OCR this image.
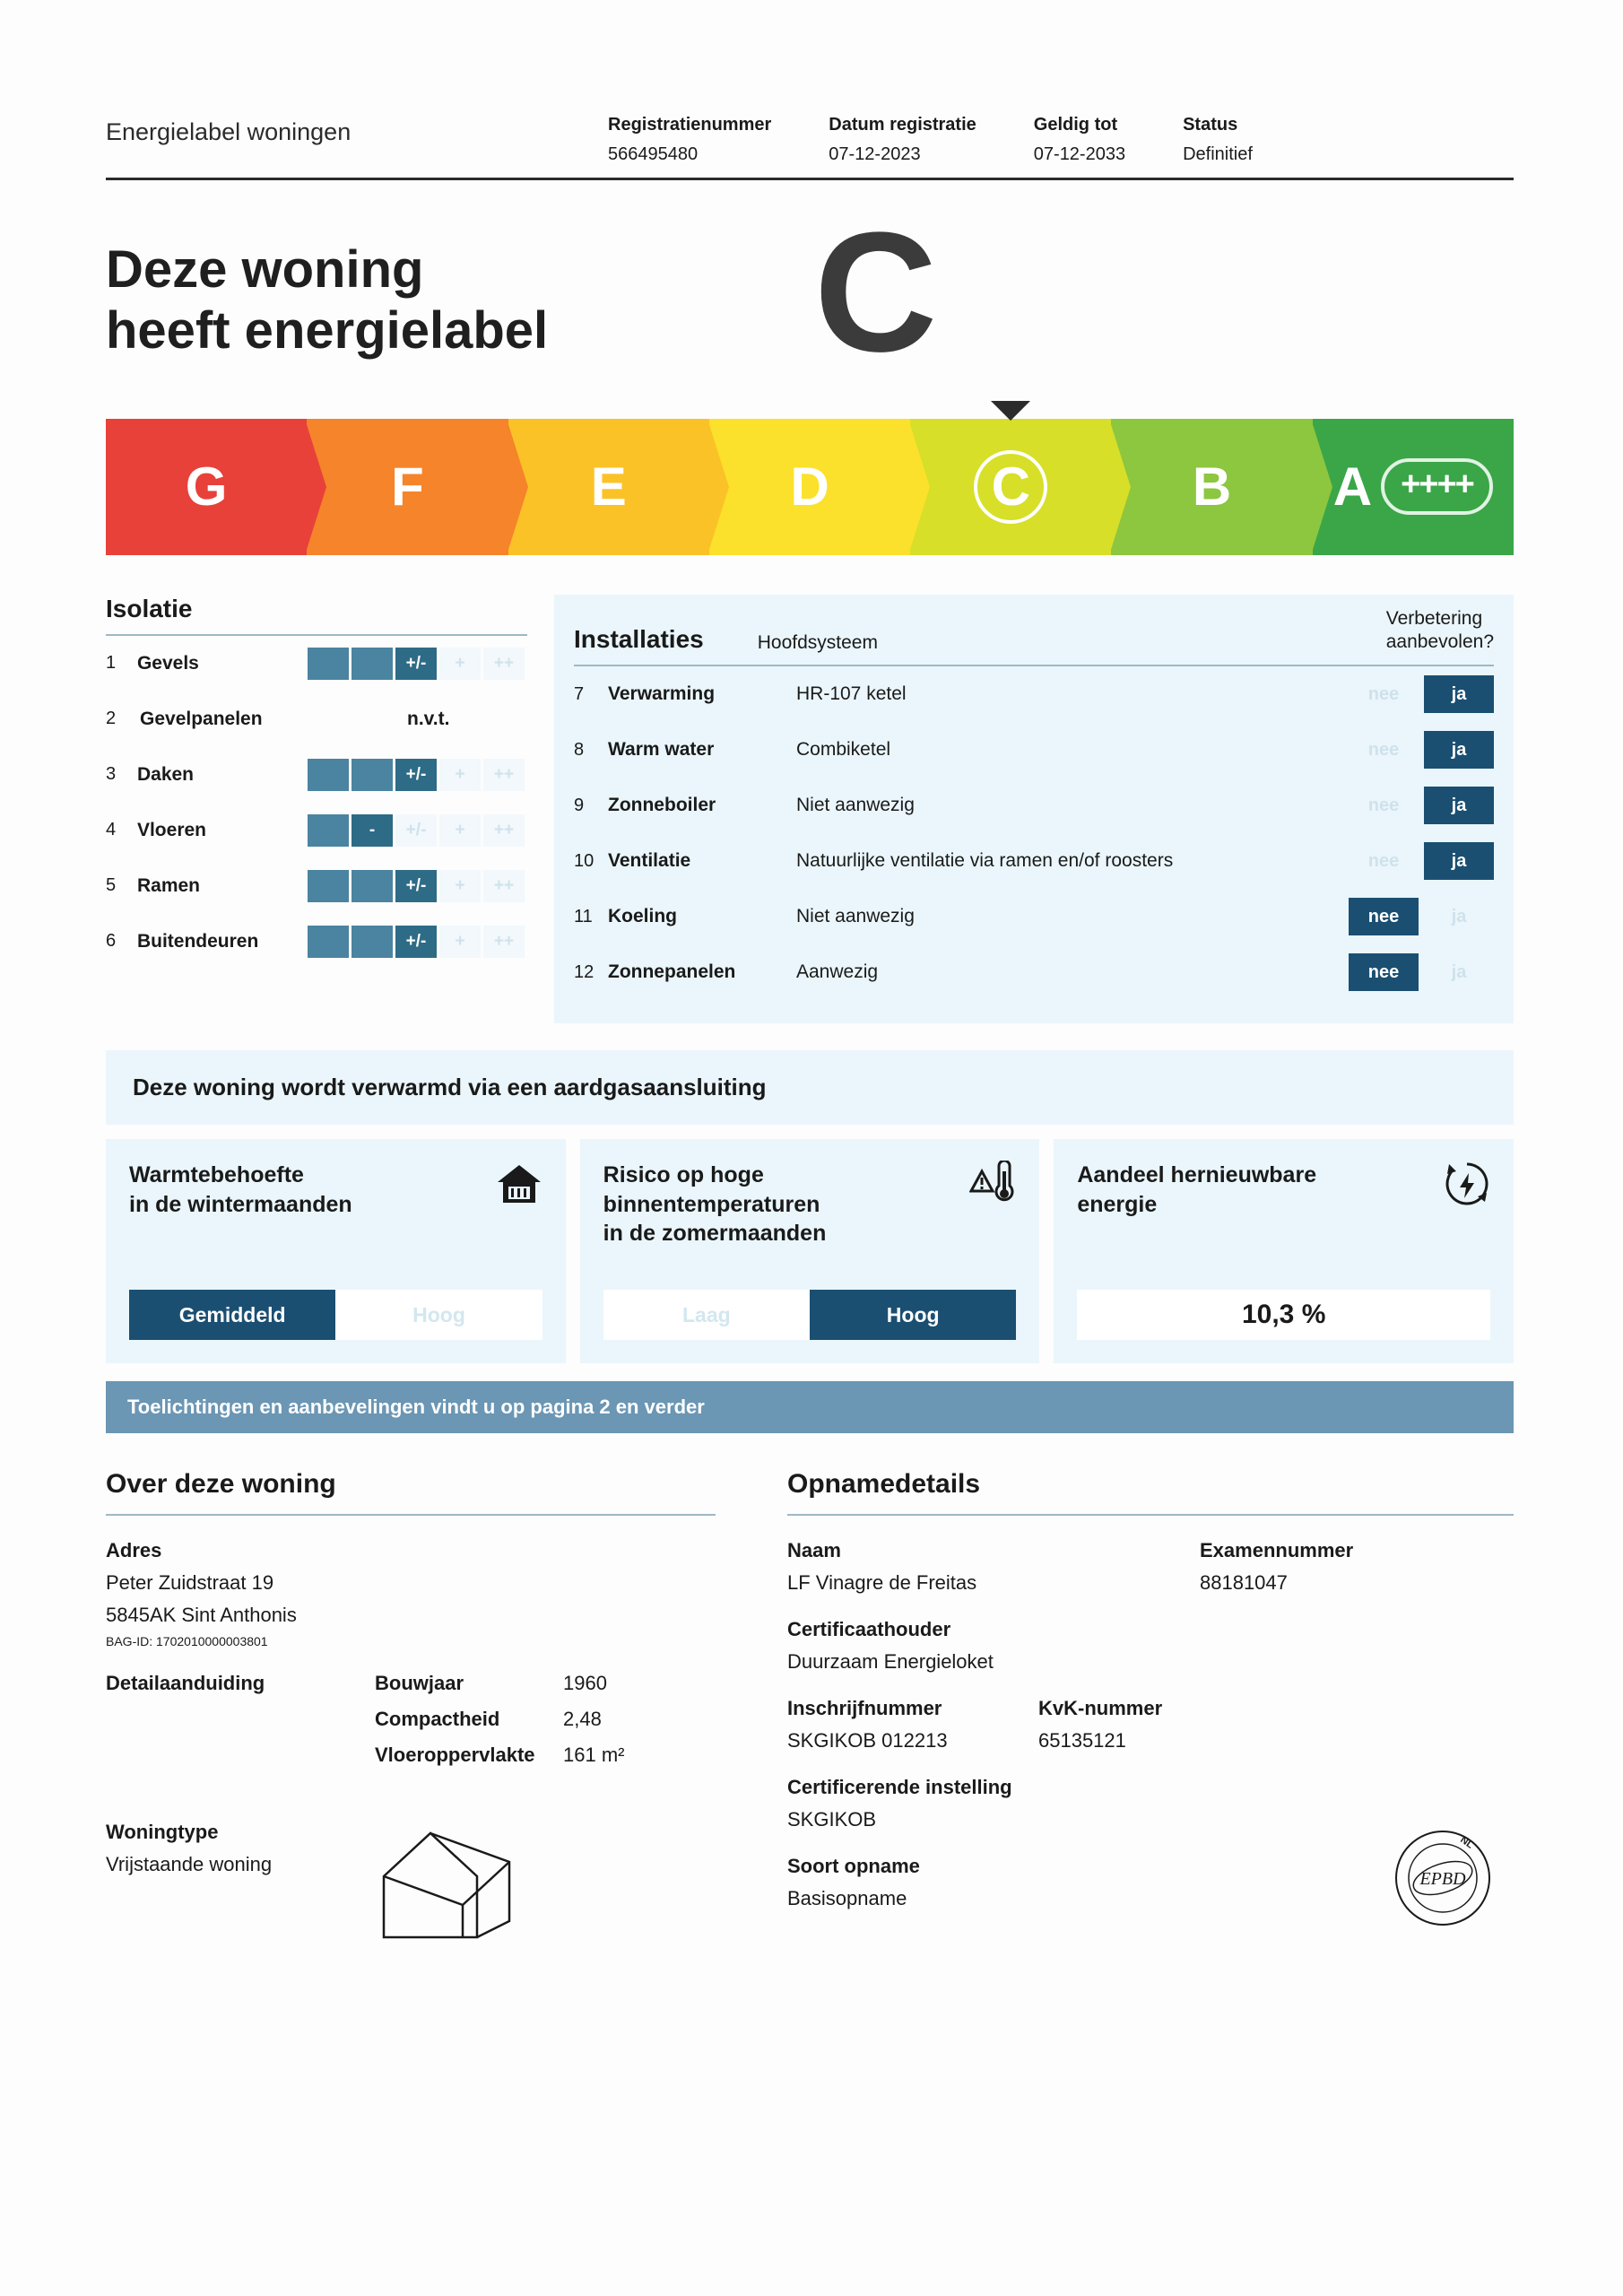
Energielabel woningen	Registratienummer
566495480
Datum registratie
07-12-2023
Geldig tot
07-12-2033
Status
Definitief
Deze woning
heeft energielabel	C
G	F	E	D	C	B A ++++
Isolatie
1	Gevels	+/-	+	++
2	Gevelpanelen	n.v.t.
3	Daken	+/-	+	++
4	Vloeren	-	+/-	+	++
5	Ramen	+/-	+	++
6	Buitendeuren	+/-	+	++
Installaties	Hoofdsysteem
Verbetering
aanbevolen?
7	Verwarming	HR-107 ketel	nee	ja
8	Warm water	Combiketel	nee	ja
9	Zonneboiler	Niet aanwezig	nee	ja
10 Ventilatie	Natuurlijke ventilatie via ramen en/of roosters	nee	ja
11 Koeling	Niet aanwezig	nee	ja
12 Zonnepanelen	Aanwezig	nee	ja
Deze woning wordt verwarmd via een aardgasaansluiting
Warmtebehoefte
in de wintermaanden
Gemiddeld	Hoog
Risico op hoge
binnentemperaturen
in de zomermaanden
Laag	Hoog
Aandeel hernieuwbare
energie
10,3 %
Toelichtingen en aanbevelingen vindt u op pagina 2 en verder
Over deze woning
Adres
Peter Zuidstraat 19
5845AK Sint Anthonis
BAG-ID: 1702010000003801
Detailaanduiding	Bouwjaar	1960
Compactheid	2,48
Vloeroppervlakte	161 m²
Woningtype
Vrijstaande woning
Opnamedetails
Naam
LF Vinagre de Freitas
Examennummer
88181047
Certificaathouder
Duurzaam Energieloket
Inschrijfnummer
SKGIKOB 012213
KvK-nummer
65135121
Certificerende instelling
SKGIKOB
Soort opname
Basisopname
EPBD
NL
